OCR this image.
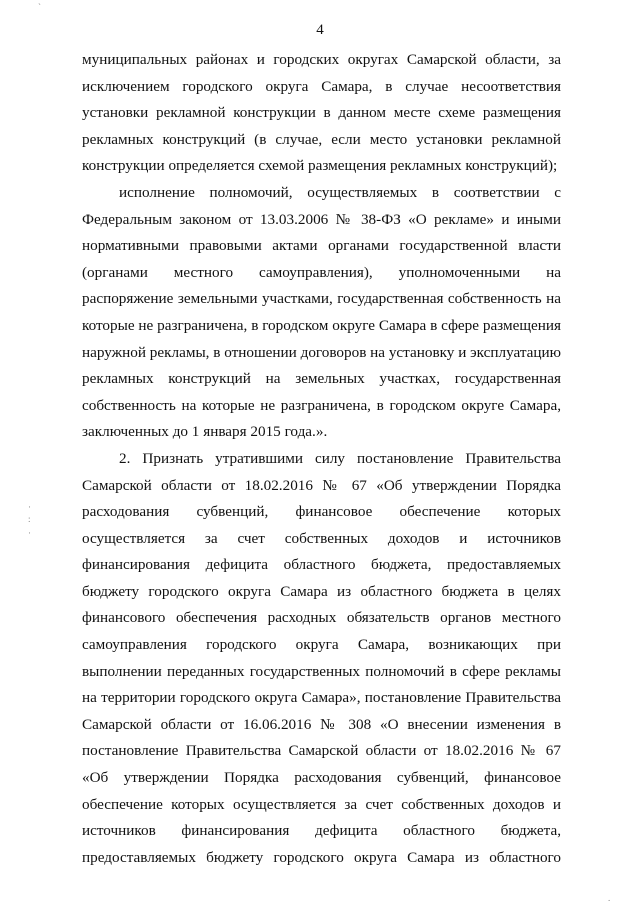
`
·
:
·
.
4
муниципальных районах и городских округах Самарской области, за
исключением городского округа Самара, в случае несоответствия
установки рекламной конструкции в данном месте схеме размещения
рекламных конструкций (в случае, если место установки рекламной
конструкции определяется схемой размещения рекламных конструкций);
исполнение полномочий, осуществляемых в соответствии с
Федеральным законом от 13.03.2006 № 38-ФЗ «О рекламе» и иными
нормативными правовыми актами органами государственной власти
(органами местного самоуправления), уполномоченными на
распоряжение земельными участками, государственная собственность на
которые не разграничена, в городском округе Самара в сфере размещения
наружной рекламы, в отношении договоров на установку и эксплуатацию
рекламных конструкций на земельных участках, государственная
собственность на которые не разграничена, в городском округе Самара,
заключенных до 1 января 2015 года.».
2. Признать утратившими силу постановление Правительства
Самарской области от 18.02.2016 № 67 «Об утверждении Порядка
расходования субвенций, финансовое обеспечение которых
осуществляется за счет собственных доходов и источников
финансирования дефицита областного бюджета, предоставляемых
бюджету городского округа Самара из областного бюджета в целях
финансового обеспечения расходных обязательств органов местного
самоуправления городского округа Самара, возникающих при
выполнении переданных государственных полномочий в сфере рекламы
на территории городского округа Самара», постановление Правительства
Самарской области от 16.06.2016 № 308 «О внесении изменения в
постановление Правительства Самарской области от 18.02.2016 № 67
«Об утверждении Порядка расходования субвенций, финансовое
обеспечение которых осуществляется за счет собственных доходов и
источников финансирования дефицита областного бюджета,
предоставляемых бюджету городского округа Самара из областного
